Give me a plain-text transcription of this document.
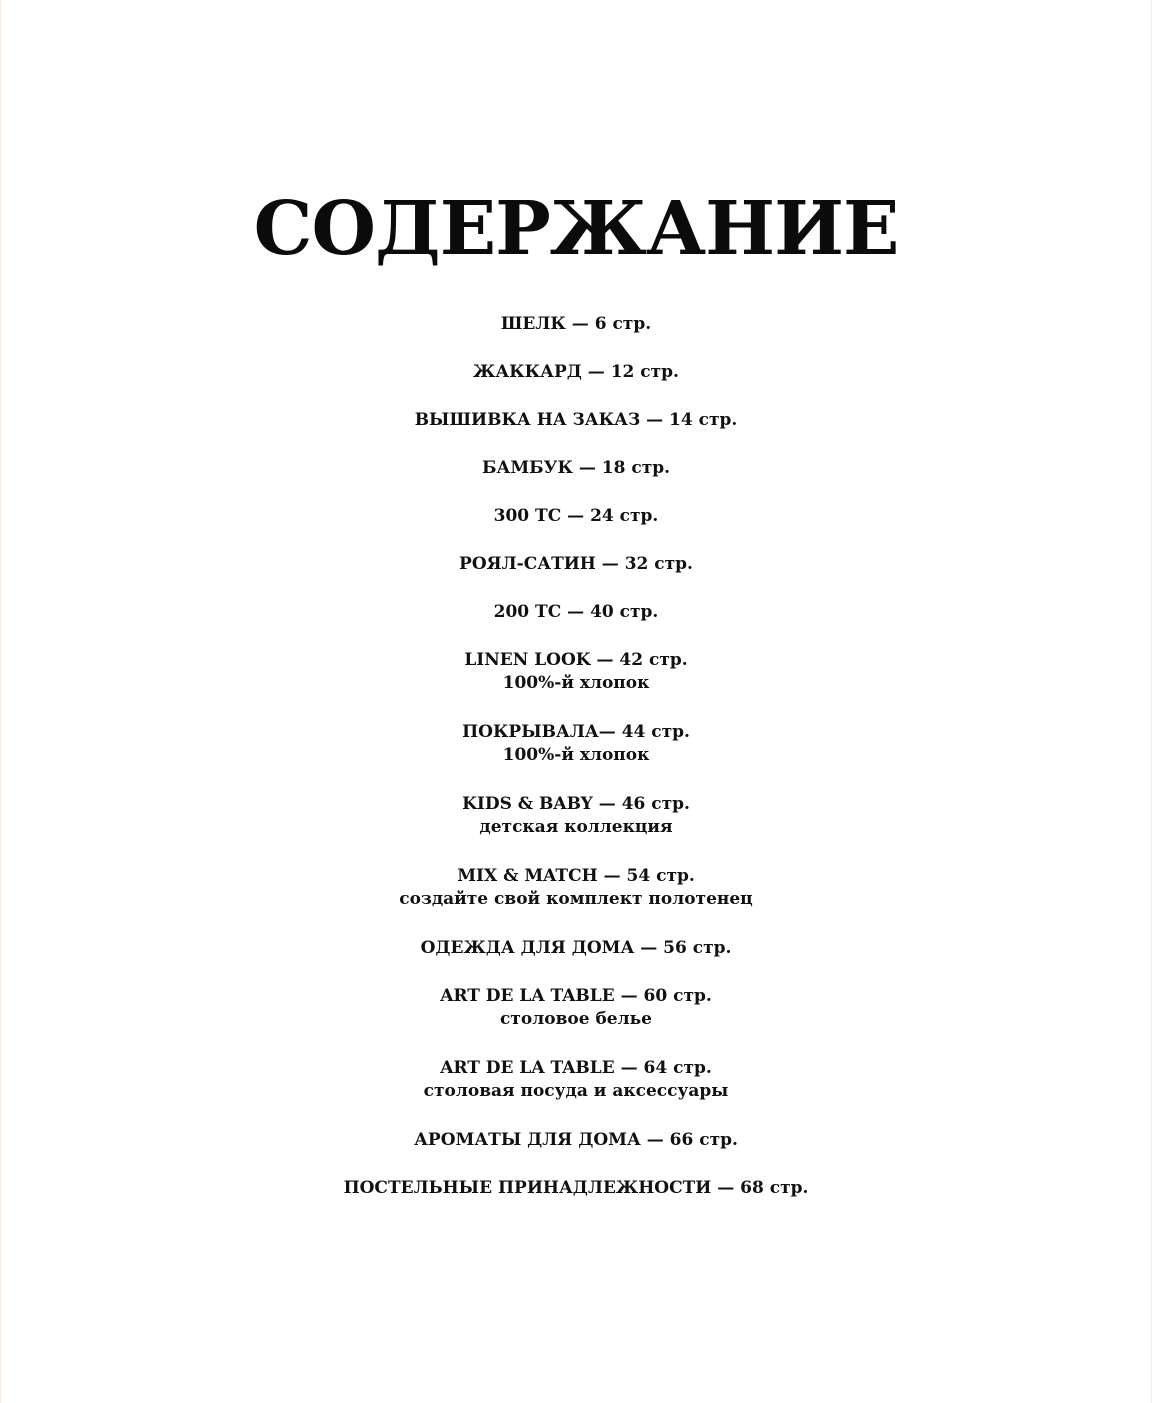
СОДЕРЖАНИЕ
ШЕЛК — 6 стр.
ЖАККАРД — 12 стр.
ВЫШИВКА НА ЗАКАЗ — 14 стр.
БАМБУК — 18 стр.
300 ТС — 24 стр.
РОЯЛ-САТИН — 32 стр.
200 ТС — 40 стр.
LINEN LOOK — 42 стр.
100%-й хлопок
ПОКРЫВАЛА— 44 стр.
100%-й хлопок
KIDS & BABY — 46 стр.
детская коллекция
MIX & MATCH — 54 стр.
создайте свой комплект полотенец
ОДЕЖДА ДЛЯ ДОМА — 56 стр.
ART DE LA TABLE — 60 стр.
столовое белье
ART DE LA TABLE — 64 стр.
столовая посуда и аксессуары
АРОМАТЫ ДЛЯ ДОМА — 66 стр.
ПОСТЕЛЬНЫЕ ПРИНАДЛЕЖНОСТИ — 68 стр.
